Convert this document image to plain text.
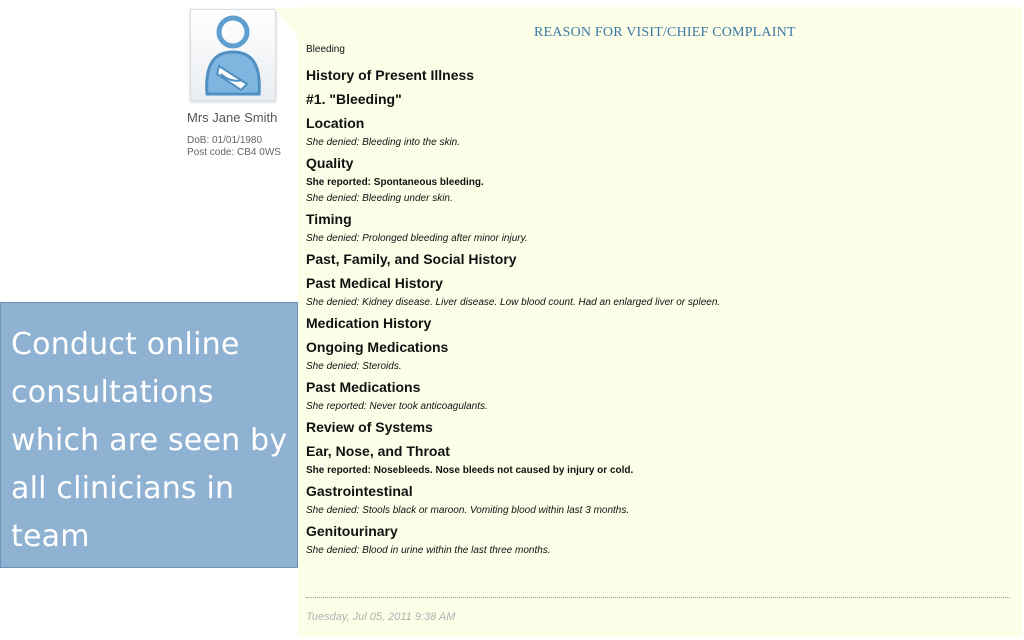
Mrs Jane Smith
DoB: 01/01/1980
Post code: CB4 0WS
REASON FOR VISIT/CHIEF COMPLAINT
Bleeding
History of Present Illness
#1. "Bleeding"
Location
She denied: Bleeding into the skin.
Quality
She reported: Spontaneous bleeding.
She denied: Bleeding under skin.
Timing
She denied: Prolonged bleeding after minor injury.
Past, Family, and Social History
Past Medical History
She denied: Kidney disease. Liver disease. Low blood count. Had an enlarged liver or spleen.
Medication History
Ongoing Medications
She denied: Steroids.
Past Medications
She reported: Never took anticoagulants.
Review of Systems
Ear, Nose, and Throat
She reported: Nosebleeds. Nose bleeds not caused by injury or cold.
Gastrointestinal
She denied: Stools black or maroon. Vomiting blood within last 3 months.
Genitourinary
She denied: Blood in urine within the last three months.
Tuesday, Jul 05, 2011 9:38 AM
Conduct online consultations which are seen by all clinicians in team
